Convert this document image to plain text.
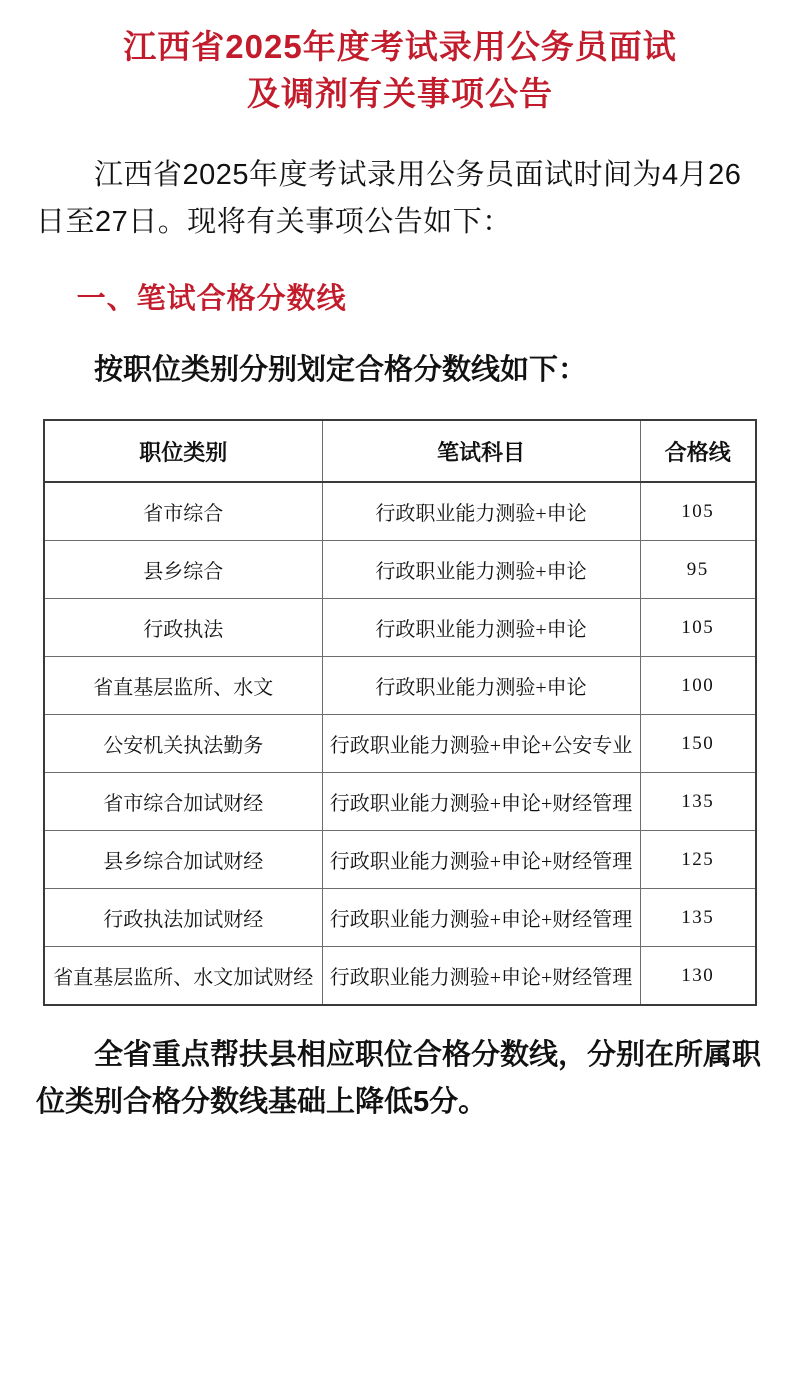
江西省2025年度考试录用公务员面试
及调剂有关事项公告

江西省2025年度考试录用公务员面试时间为4月26日至27日。现将有关事项公告如下：

一、笔试合格分数线

按职位类别分别划定合格分数线如下：

职位类别	笔试科目	合格线
省市综合	行政职业能力测验+申论	105
县乡综合	行政职业能力测验+申论	95
行政执法	行政职业能力测验+申论	105
省直基层监所、水文	行政职业能力测验+申论	100
公安机关执法勤务	行政职业能力测验+申论+公安专业	150
省市综合加试财经	行政职业能力测验+申论+财经管理	135
县乡综合加试财经	行政职业能力测验+申论+财经管理	125
行政执法加试财经	行政职业能力测验+申论+财经管理	135
省直基层监所、水文加试财经	行政职业能力测验+申论+财经管理	130

全省重点帮扶县相应职位合格分数线，分别在所属职位类别合格分数线基础上降低5分。
